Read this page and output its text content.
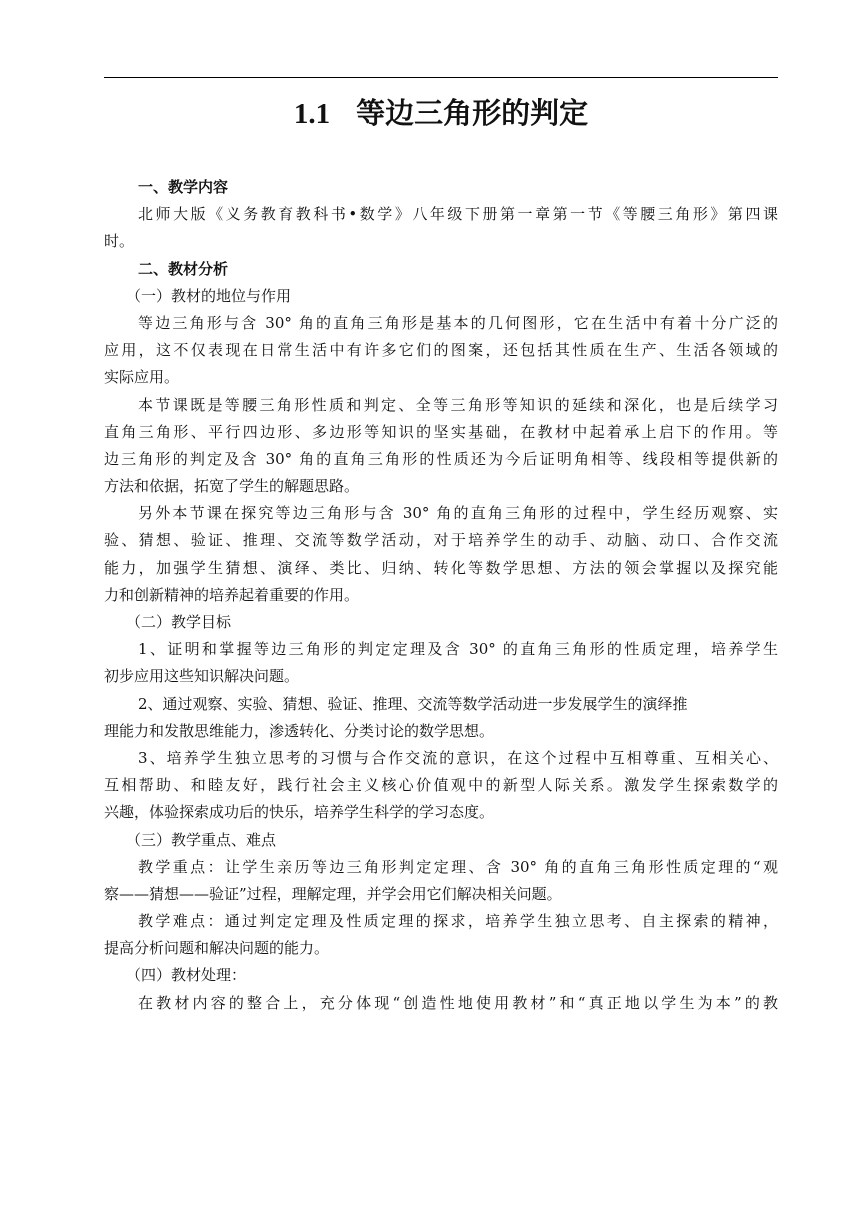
1.1 等边三角形的判定
一、教学内容
北师大版《义务教育教科书•数学》八年级下册第一章第一节《等腰三角形》第四课
时。
二、教材分析
（一）教材的地位与作用
等边三角形与含 30° 角的直角三角形是基本的几何图形，它在生活中有着十分广泛的
应用，这不仅表现在日常生活中有许多它们的图案，还包括其性质在生产、生活各领域的
实际应用。
本节课既是等腰三角形性质和判定、全等三角形等知识的延续和深化，也是后续学习
直角三角形、平行四边形、多边形等知识的坚实基础，在教材中起着承上启下的作用。等
边三角形的判定及含 30° 角的直角三角形的性质还为今后证明角相等、线段相等提供新的
方法和依据，拓宽了学生的解题思路。
另外本节课在探究等边三角形与含 30° 角的直角三角形的过程中，学生经历观察、实
验、猜想、验证、推理、交流等数学活动，对于培养学生的动手、动脑、动口、合作交流
能力，加强学生猜想、演绎、类比、归纳、转化等数学思想、方法的领会掌握以及探究能
力和创新精神的培养起着重要的作用。
（二）教学目标
1、证明和掌握等边三角形的判定定理及含 30° 的直角三角形的性质定理，培养学生
初步应用这些知识解决问题。
2、通过观察、实验、猜想、验证、推理、交流等数学活动进一步发展学生的演绎推
理能力和发散思维能力，渗透转化、分类讨论的数学思想。
3、培养学生独立思考的习惯与合作交流的意识，在这个过程中互相尊重、互相关心、
互相帮助、和睦友好，践行社会主义核心价值观中的新型人际关系。激发学生探索数学的
兴趣，体验探索成功后的快乐，培养学生科学的学习态度。
（三）教学重点、难点
教学重点：让学生亲历等边三角形判定定理、含 30° 角的直角三角形性质定理的“观
察——猜想——验证”过程，理解定理，并学会用它们解决相关问题。
教学难点：通过判定定理及性质定理的探求，培养学生独立思考、自主探索的精神，
提高分析问题和解决问题的能力。
（四）教材处理：
在教材内容的整合上，充分体现“创造性地使用教材”和“真正地以学生为本”的教
